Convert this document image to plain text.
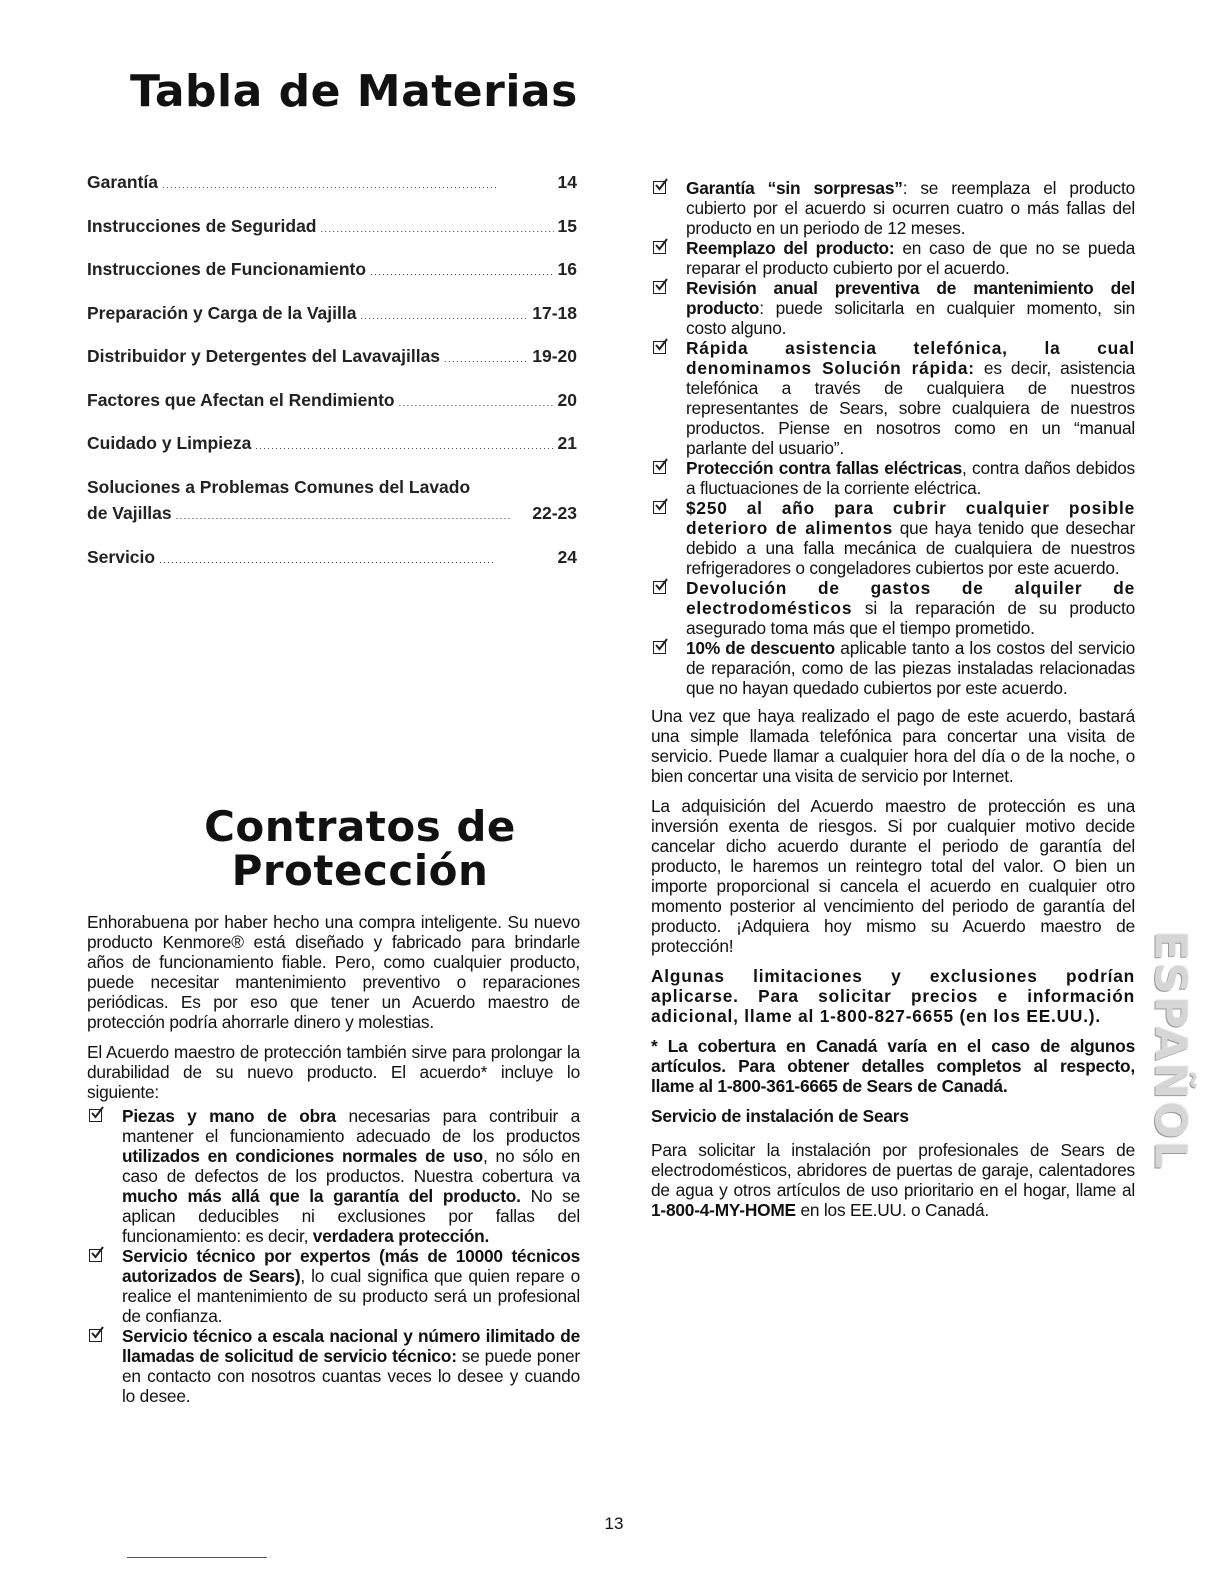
Tabla de Materias
Garantía . . .	14
Instrucciones de Seguridad . . .	15
Instrucciones de Funcionamiento . . .	16
Preparación y Carga de la Vajilla . . .	17-18
Distribuidor y Detergentes del Lavavajillas . . .	19-20
Factores que Afectan el Rendimiento . . .	20
Cuidado y Limpieza . . .	21
Soluciones a Problemas Comunes del Lavado
de Vajillas . . .	22-23
Servicio . . .	24
Contratos de
Protección

Enhorabuena por haber hecho una compra inteligente. Su nuevo producto Kenmore® está diseñado y fabricado para brindarle años de funcionamiento fiable. Pero, como cualquier producto, puede necesitar mantenimiento preventivo o reparaciones periódicas. Es por eso que tener un Acuerdo maestro de protección podría ahorrarle dinero y molestias.

El Acuerdo maestro de protección también sirve para prolongar la durabilidad de su nuevo producto. El acuerdo* incluye lo siguiente:

Piezas y mano de obra necesarias para contribuir a mantener el funcionamiento adecuado de los productos utilizados en condiciones normales de uso, no sólo en caso de defectos de los productos. Nuestra cobertura va mucho más allá que la garantía del producto. No se aplican deducibles ni exclusiones por fallas del funcionamiento: es decir, verdadera protección.
Servicio técnico por expertos (más de 10000 técnicos autorizados de Sears), lo cual significa que quien repare o realice el mantenimiento de su producto será un profesional de confianza.
Servicio técnico a escala nacional y número ilimitado de llamadas de solicitud de servicio técnico: se puede poner en contacto con nosotros cuantas veces lo desee y cuando lo desee.
Garantía “sin sorpresas”: se reemplaza el producto cubierto por el acuerdo si ocurren cuatro o más fallas del producto en un periodo de 12 meses.
Reemplazo del producto: en caso de que no se pueda reparar el producto cubierto por el acuerdo.
Revisión anual preventiva de mantenimiento del producto: puede solicitarla en cualquier momento, sin costo alguno.
Rápida asistencia telefónica, la cual denominamos Solución rápida: es decir, asistencia telefónica a través de cualquiera de nuestros representantes de Sears, sobre cualquiera de nuestros productos. Piense en nosotros como en un “manual parlante del usuario”.
Protección contra fallas eléctricas, contra daños debidos a fluctuaciones de la corriente eléctrica.
$250 al año para cubrir cualquier posible deterioro de alimentos que haya tenido que desechar debido a una falla mecánica de cualquiera de nuestros refrigeradores o congeladores cubiertos por este acuerdo.
Devolución de gastos de alquiler de electrodomésticos si la reparación de su producto asegurado toma más que el tiempo prometido.
10% de descuento aplicable tanto a los costos del servicio de reparación, como de las piezas instaladas relacionadas que no hayan quedado cubiertos por este acuerdo.

Una vez que haya realizado el pago de este acuerdo, bastará una simple llamada telefónica para concertar una visita de servicio. Puede llamar a cualquier hora del día o de la noche, o bien concertar una visita de servicio por Internet.

La adquisición del Acuerdo maestro de protección es una inversión exenta de riesgos. Si por cualquier motivo decide cancelar dicho acuerdo durante el periodo de garantía del producto, le haremos un reintegro total del valor. O bien un importe proporcional si cancela el acuerdo en cualquier otro momento posterior al vencimiento del periodo de garantía del producto. ¡Adquiera hoy mismo su Acuerdo maestro de protección!

Algunas limitaciones y exclusiones podrían aplicarse. Para solicitar precios e información adicional, llame al 1-800-827-6655 (en los EE.UU.).

* La cobertura en Canadá varía en el caso de algunos artículos. Para obtener detalles completos al respecto, llame al 1-800-361-6665 de Sears de Canadá.

Servicio de instalación de Sears

Para solicitar la instalación por profesionales de Sears de electrodomésticos, abridores de puertas de garaje, calentadores de agua y otros artículos de uso prioritario en el hogar, llame al 1-800-4-MY-HOME en los EE.UU. o Canadá.

ESPAÑOL
13
